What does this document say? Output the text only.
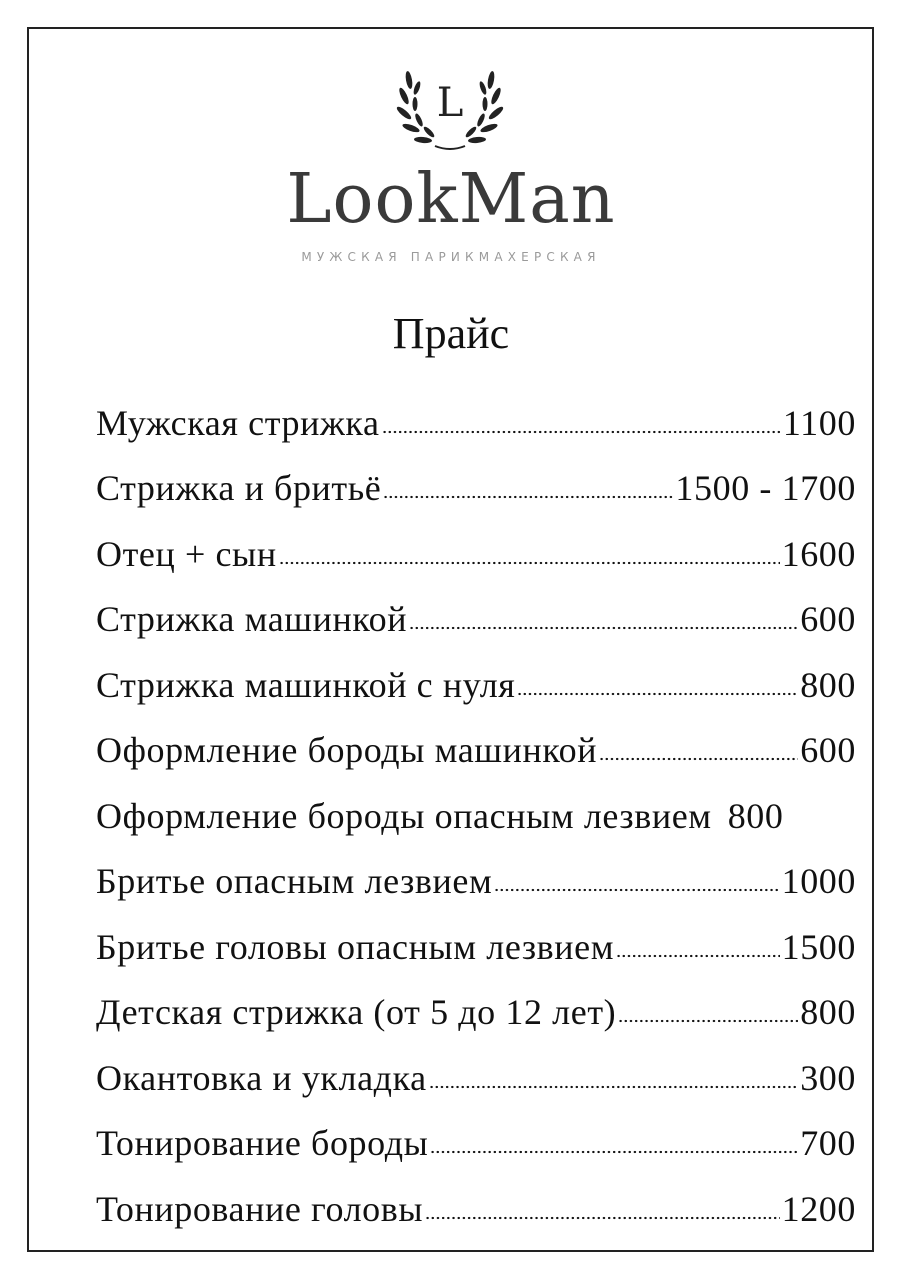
L
LookMan
МУЖСКАЯ ПАРИКМАХЕРСКАЯ
Прайс
Мужская стрижка	1100
Стрижка и бритьё	1500 - 1700
Отец + сын	1600
Стрижка машинкой	600
Стрижка машинкой с нуля	800
Оформление бороды машинкой	600
Оформление бороды опасным лезвием 800
Бритье опасным лезвием	1000
Бритье головы опасным лезвием	1500
Детская стрижка (от 5 до 12 лет)	800
Окантовка и укладка	300
Тонирование бороды	700
Тонирование головы	1200
